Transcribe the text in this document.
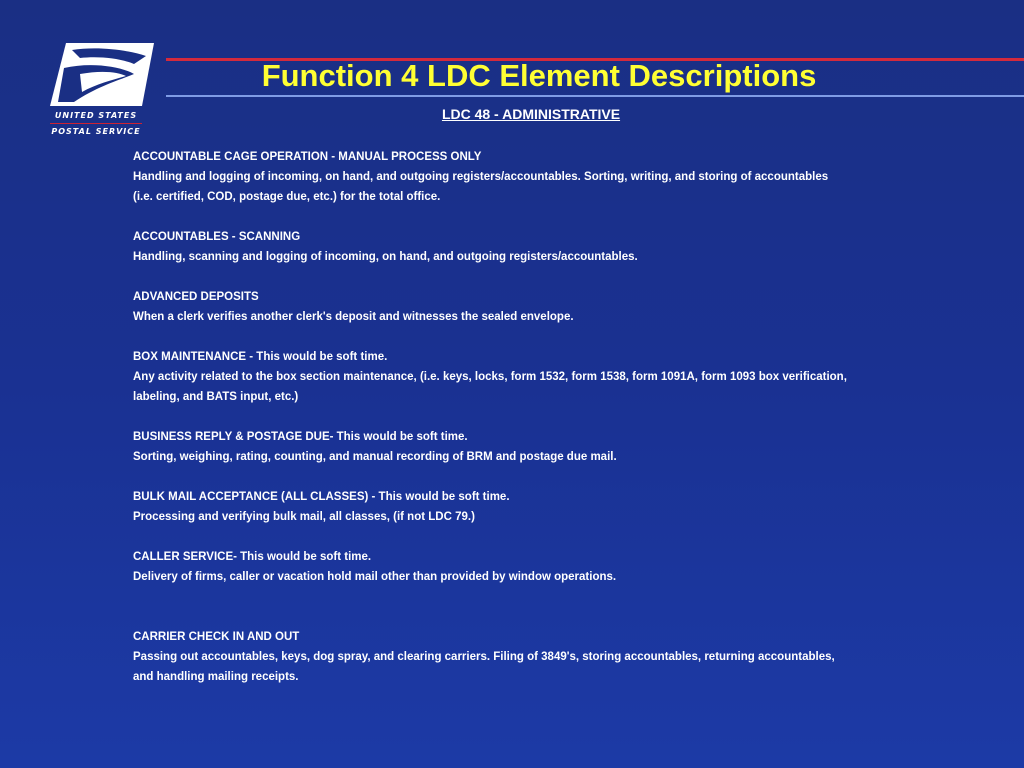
UNITED STATES
POSTAL SERVICE
Function 4 LDC Element Descriptions
LDC 48 - ADMINISTRATIVE

ACCOUNTABLE CAGE OPERATION - MANUAL PROCESS ONLY

Handling and logging of incoming, on hand, and outgoing registers/accountables. Sorting, writing, and storing of accountables

(i.e. certified, COD, postage due, etc.) for the total office.

ACCOUNTABLES - SCANNING

Handling, scanning and logging of incoming, on hand, and outgoing registers/accountables.

ADVANCED DEPOSITS

When a clerk verifies another clerk's deposit and witnesses the sealed envelope.

BOX MAINTENANCE - This would be soft time.

Any activity related to the box section maintenance, (i.e. keys, locks, form 1532, form 1538, form 1091A, form 1093 box verification,

labeling, and BATS input, etc.)

BUSINESS REPLY & POSTAGE DUE- This would be soft time.

Sorting, weighing, rating, counting, and manual recording of BRM and postage due mail.

BULK MAIL ACCEPTANCE (ALL CLASSES) - This would be soft time.

Processing and verifying bulk mail, all classes, (if not LDC 79.)

CALLER SERVICE- This would be soft time.

Delivery of firms, caller or vacation hold mail other than provided by window operations.

CARRIER CHECK IN AND OUT

Passing out accountables, keys, dog spray, and clearing carriers. Filing of 3849's, storing accountables, returning accountables,

and handling mailing receipts.
